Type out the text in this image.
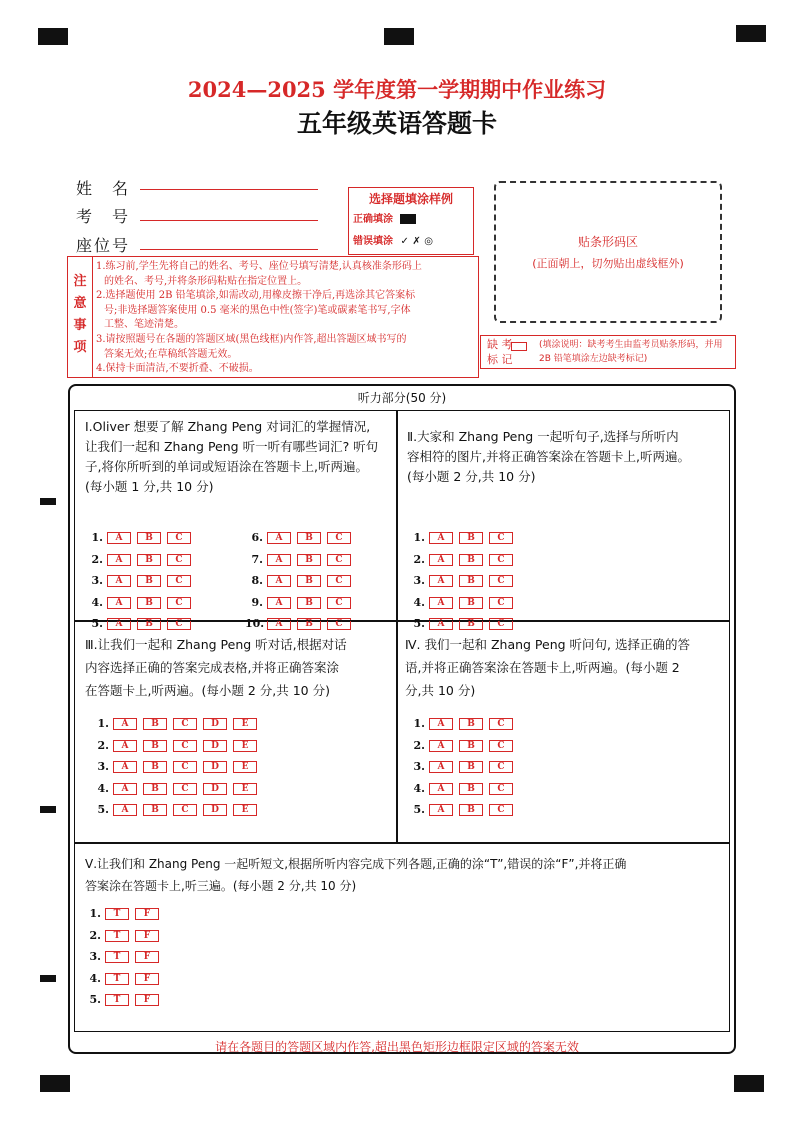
2024—2025 学年度第一学期期中作业练习
五年级英语答题卡
姓　名
考　号
座位号
选择题填涂样例
正确填涂
错误填涂 ✓ ✗ ◎	贴条形码区
(正面朝上，切勿贴出虚线框外)
注
意
事
项
1.练习前,学生先将自己的姓名、考号、座位号填写清楚,认真核准条形码上
的姓名、考号,并将条形码粘贴在指定位置上。
2.选择题使用 2B 铅笔填涂,如需改动,用橡皮擦干净后,再选涂其它答案标
号;非选择题答案使用 0.5 毫米的黑色中性(签字)笔或碳素笔书写,字体
工整、笔迹清楚。
3.请按照题号在各题的答题区域(黑色线框)内作答,超出答题区域书写的
答案无效;在草稿纸答题无效。
4.保持卡面清洁,不要折叠、不破损。
缺 考 标 记
(填涂说明：缺考考生由监考员贴条形码，并用 2B 铅笔填涂左边缺考标记)
听力部分(50 分)
Ⅰ.Oliver 想要了解 Zhang Peng 对词汇的掌握情况,
让我们一起和 Zhang Peng 听一听有哪些词汇? 听句
子,将你所听到的单词或短语涂在答题卡上,听两遍。
(每小题 1 分,共 10 分)
1. A	B	C
2. A	B	C
3. A	B	C
4. A	B	C
5. A	B	C
6. A	B	C
7. A	B	C
8. A	B	C
9. A	B	C
10. A	B	C
Ⅱ.大家和 Zhang Peng 一起听句子,选择与所听内
容相符的图片,并将正确答案涂在答题卡上,听两遍。
(每小题 2 分,共 10 分)
1. A	B	C
2. A	B	C
3. A	B	C
4. A	B	C
5. A	B	C
Ⅲ.让我们一起和 Zhang Peng 听对话,根据对话
内容选择正确的答案完成表格,并将正确答案涂
在答题卡上,听两遍。(每小题 2 分,共 10 分)
1. A	B	C	D	E
2. A	B	C	D	E
3. A	B	C	D	E
4. A	B	C	D	E
5. A	B	C	D	E
Ⅳ. 我们一起和 Zhang Peng 听问句, 选择正确的答
语,并将正确答案涂在答题卡上,听两遍。(每小题 2
分,共 10 分)
1. A	B	C
2. A	B	C
3. A	B	C
4. A	B	C
5. A	B	C
Ⅴ.让我们和 Zhang Peng 一起听短文,根据所听内容完成下列各题,正确的涂“T”,错误的涂“F”,并将正确
答案涂在答题卡上,听三遍。(每小题 2 分,共 10 分)
1. T	F
2. T	F
3. T	F
4. T	F
5. T	F
请在各题目的答题区域内作答,超出黑色矩形边框限定区域的答案无效
